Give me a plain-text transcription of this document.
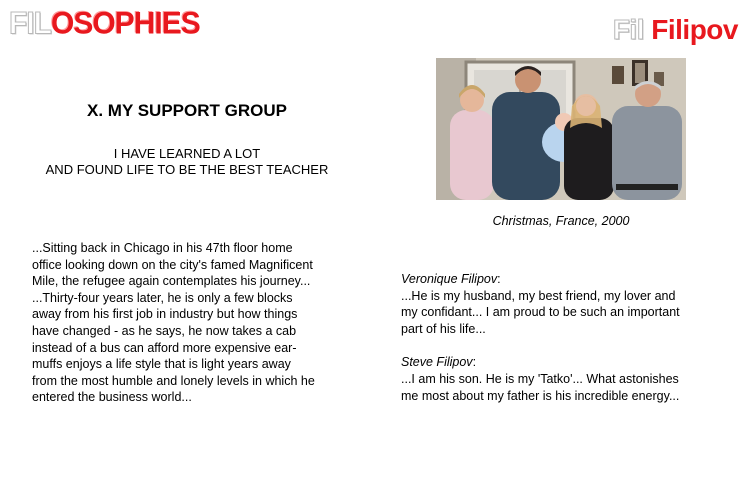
FILOSOPHIES	Fil Filipov
X. MY SUPPORT GROUP
I HAVE LEARNED A LOT
AND FOUND LIFE TO BE THE BEST TEACHER
...Sitting back in Chicago in his 47th floor home
office looking down on the city's famed Magnificent
Mile, the refugee again contemplates his journey...
...Thirty-four years later, he is only a few blocks
away from his first job in industry but how things
have changed - as he says, he now takes a cab
instead of a bus can afford more expensive ear-
muffs enjoys a life style that is light years away
from the most humble and lonely levels in which he
entered the business world...
Christmas, France, 2000
Veronique Filipov:
...He is my husband, my best friend, my lover and
my confidant... I am proud to be such an important
part of his life...
Steve Filipov:
...I am his son. He is my 'Tatko'... What astonishes
me most about my father is his incredible energy...
